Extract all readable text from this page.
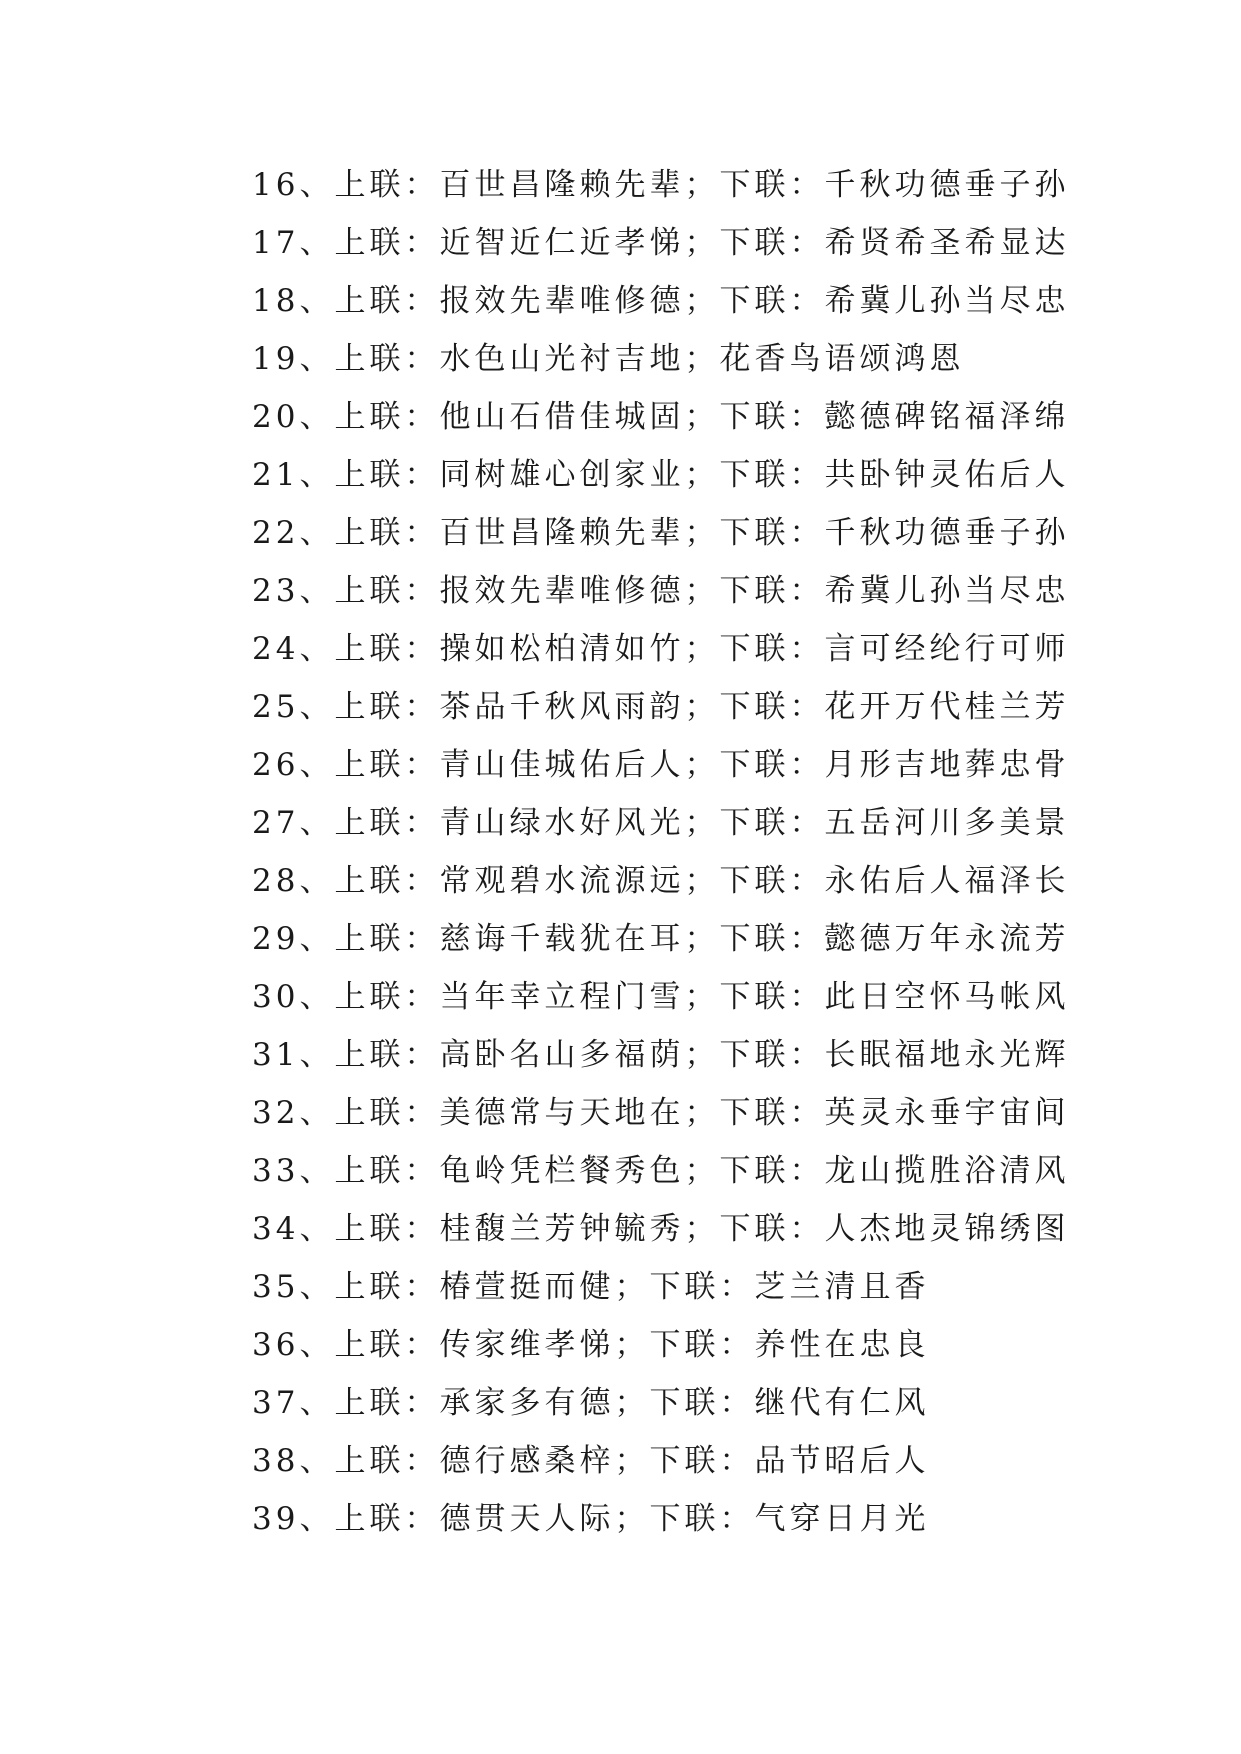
16、上联：百世昌隆赖先辈；下联：千秋功德垂子孙
17、上联：近智近仁近孝悌；下联：希贤希圣希显达
18、上联：报效先辈唯修德；下联：希冀儿孙当尽忠
19、上联：水色山光衬吉地；花香鸟语颂鸿恩
20、上联：他山石借佳城固；下联：懿德碑铭福泽绵
21、上联：同树雄心创家业；下联：共卧钟灵佑后人
22、上联：百世昌隆赖先辈；下联：千秋功德垂子孙
23、上联：报效先辈唯修德；下联：希冀儿孙当尽忠
24、上联：操如松柏清如竹；下联：言可经纶行可师
25、上联：茶品千秋风雨韵；下联：花开万代桂兰芳
26、上联：青山佳城佑后人；下联：月形吉地葬忠骨
27、上联：青山绿水好风光；下联：五岳河川多美景
28、上联：常观碧水流源远；下联：永佑后人福泽长
29、上联：慈诲千载犹在耳；下联：懿德万年永流芳
30、上联：当年幸立程门雪；下联：此日空怀马帐风
31、上联：高卧名山多福荫；下联：长眠福地永光辉
32、上联：美德常与天地在；下联：英灵永垂宇宙间
33、上联：龟岭凭栏餐秀色；下联：龙山揽胜浴清风
34、上联：桂馥兰芳钟毓秀；下联：人杰地灵锦绣图
35、上联：椿萱挺而健；下联：芝兰清且香
36、上联：传家维孝悌；下联：养性在忠良
37、上联：承家多有德；下联：继代有仁风
38、上联：德行感桑梓；下联：品节昭后人
39、上联：德贯天人际；下联：气穿日月光
